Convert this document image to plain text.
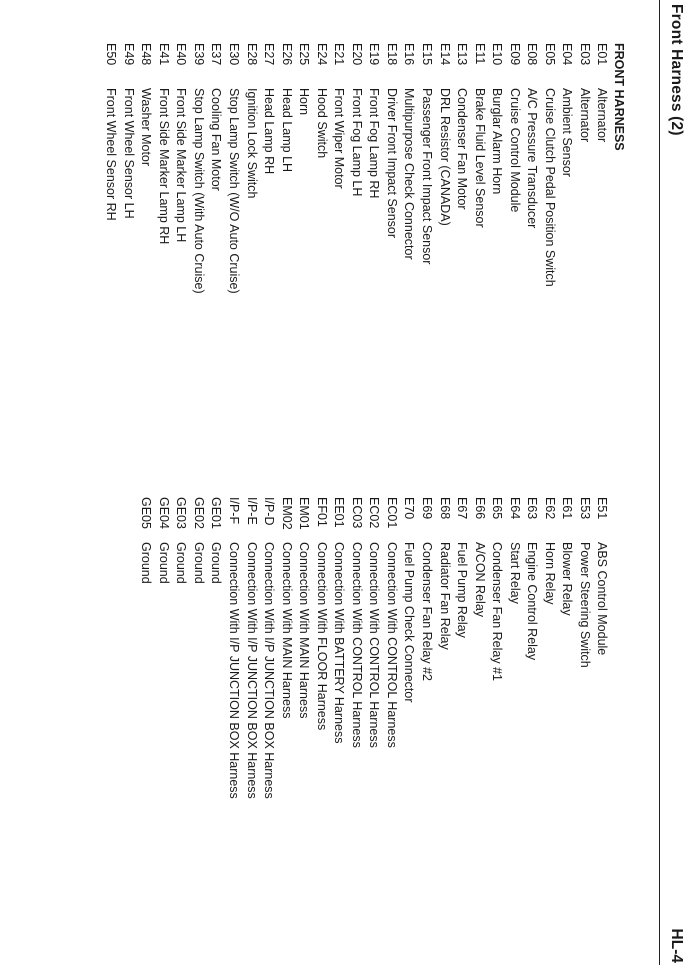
Front Harness (2)
HL-4
FRONT HARNESS
E01Alternator
E03Alternator
E04Ambient Sensor
E05Cruise Clutch Pedal Position Switch
E08A/C Pressure Transducer
E09Cruise Control Module
E10Burglar Alarm Horn
E11Brake Fluid Level Sensor
E13Condenser Fan Motor
E14DRL Resistor (CANADA)
E15Passenger Front Impact Sensor
E16Multipurpose Check Connector
E18Driver Front Impact Sensor
E19Front Fog Lamp RH
E20Front Fog Lamp LH
E21Front Wiper Motor
E24Hood Switch
E25Horn
E26Head Lamp LH
E27Head Lamp RH
E28Ignition Lock Switch
E30Stop Lamp Switch (W/O Auto Cruise)
E37Cooling Fan Motor
E39Stop Lamp Switch (With Auto Cruise)
E40Front Side Marker Lamp LH
E41Front Side Marker Lamp RH
E48Washer Motor
E49Front Wheel Sensor LH
E50Front Wheel Sensor RH
E51ABS Control Module
E53Power Steering Switch
E61Blower Relay
E62Horn Relay
E63Engine Control Relay
E64Start Relay
E65Condenser Fan Relay #1
E66A/CON Relay
E67Fuel Pump Relay
E68Radiator Fan Relay
E69Condenser Fan Relay #2
E70Fuel Pump Check Connector
EC01Connection With CONTROL Harness
EC02Connection With CONTROL Harness
EC03Connection With CONTROL Harness
EE01Connection With BATTERY Harness
EF01Connection With FLOOR Harness
EM01Connection With MAIN Harness
EM02Connection With MAIN Harness
I/P-DConnection With I/P JUNCTION BOX Harness
I/P-EConnection With I/P JUNCTION BOX Harness
I/P-FConnection With I/P JUNCTION BOX Harness
GE01Ground
GE02Ground
GE03Ground
GE04Ground
GE05Ground
